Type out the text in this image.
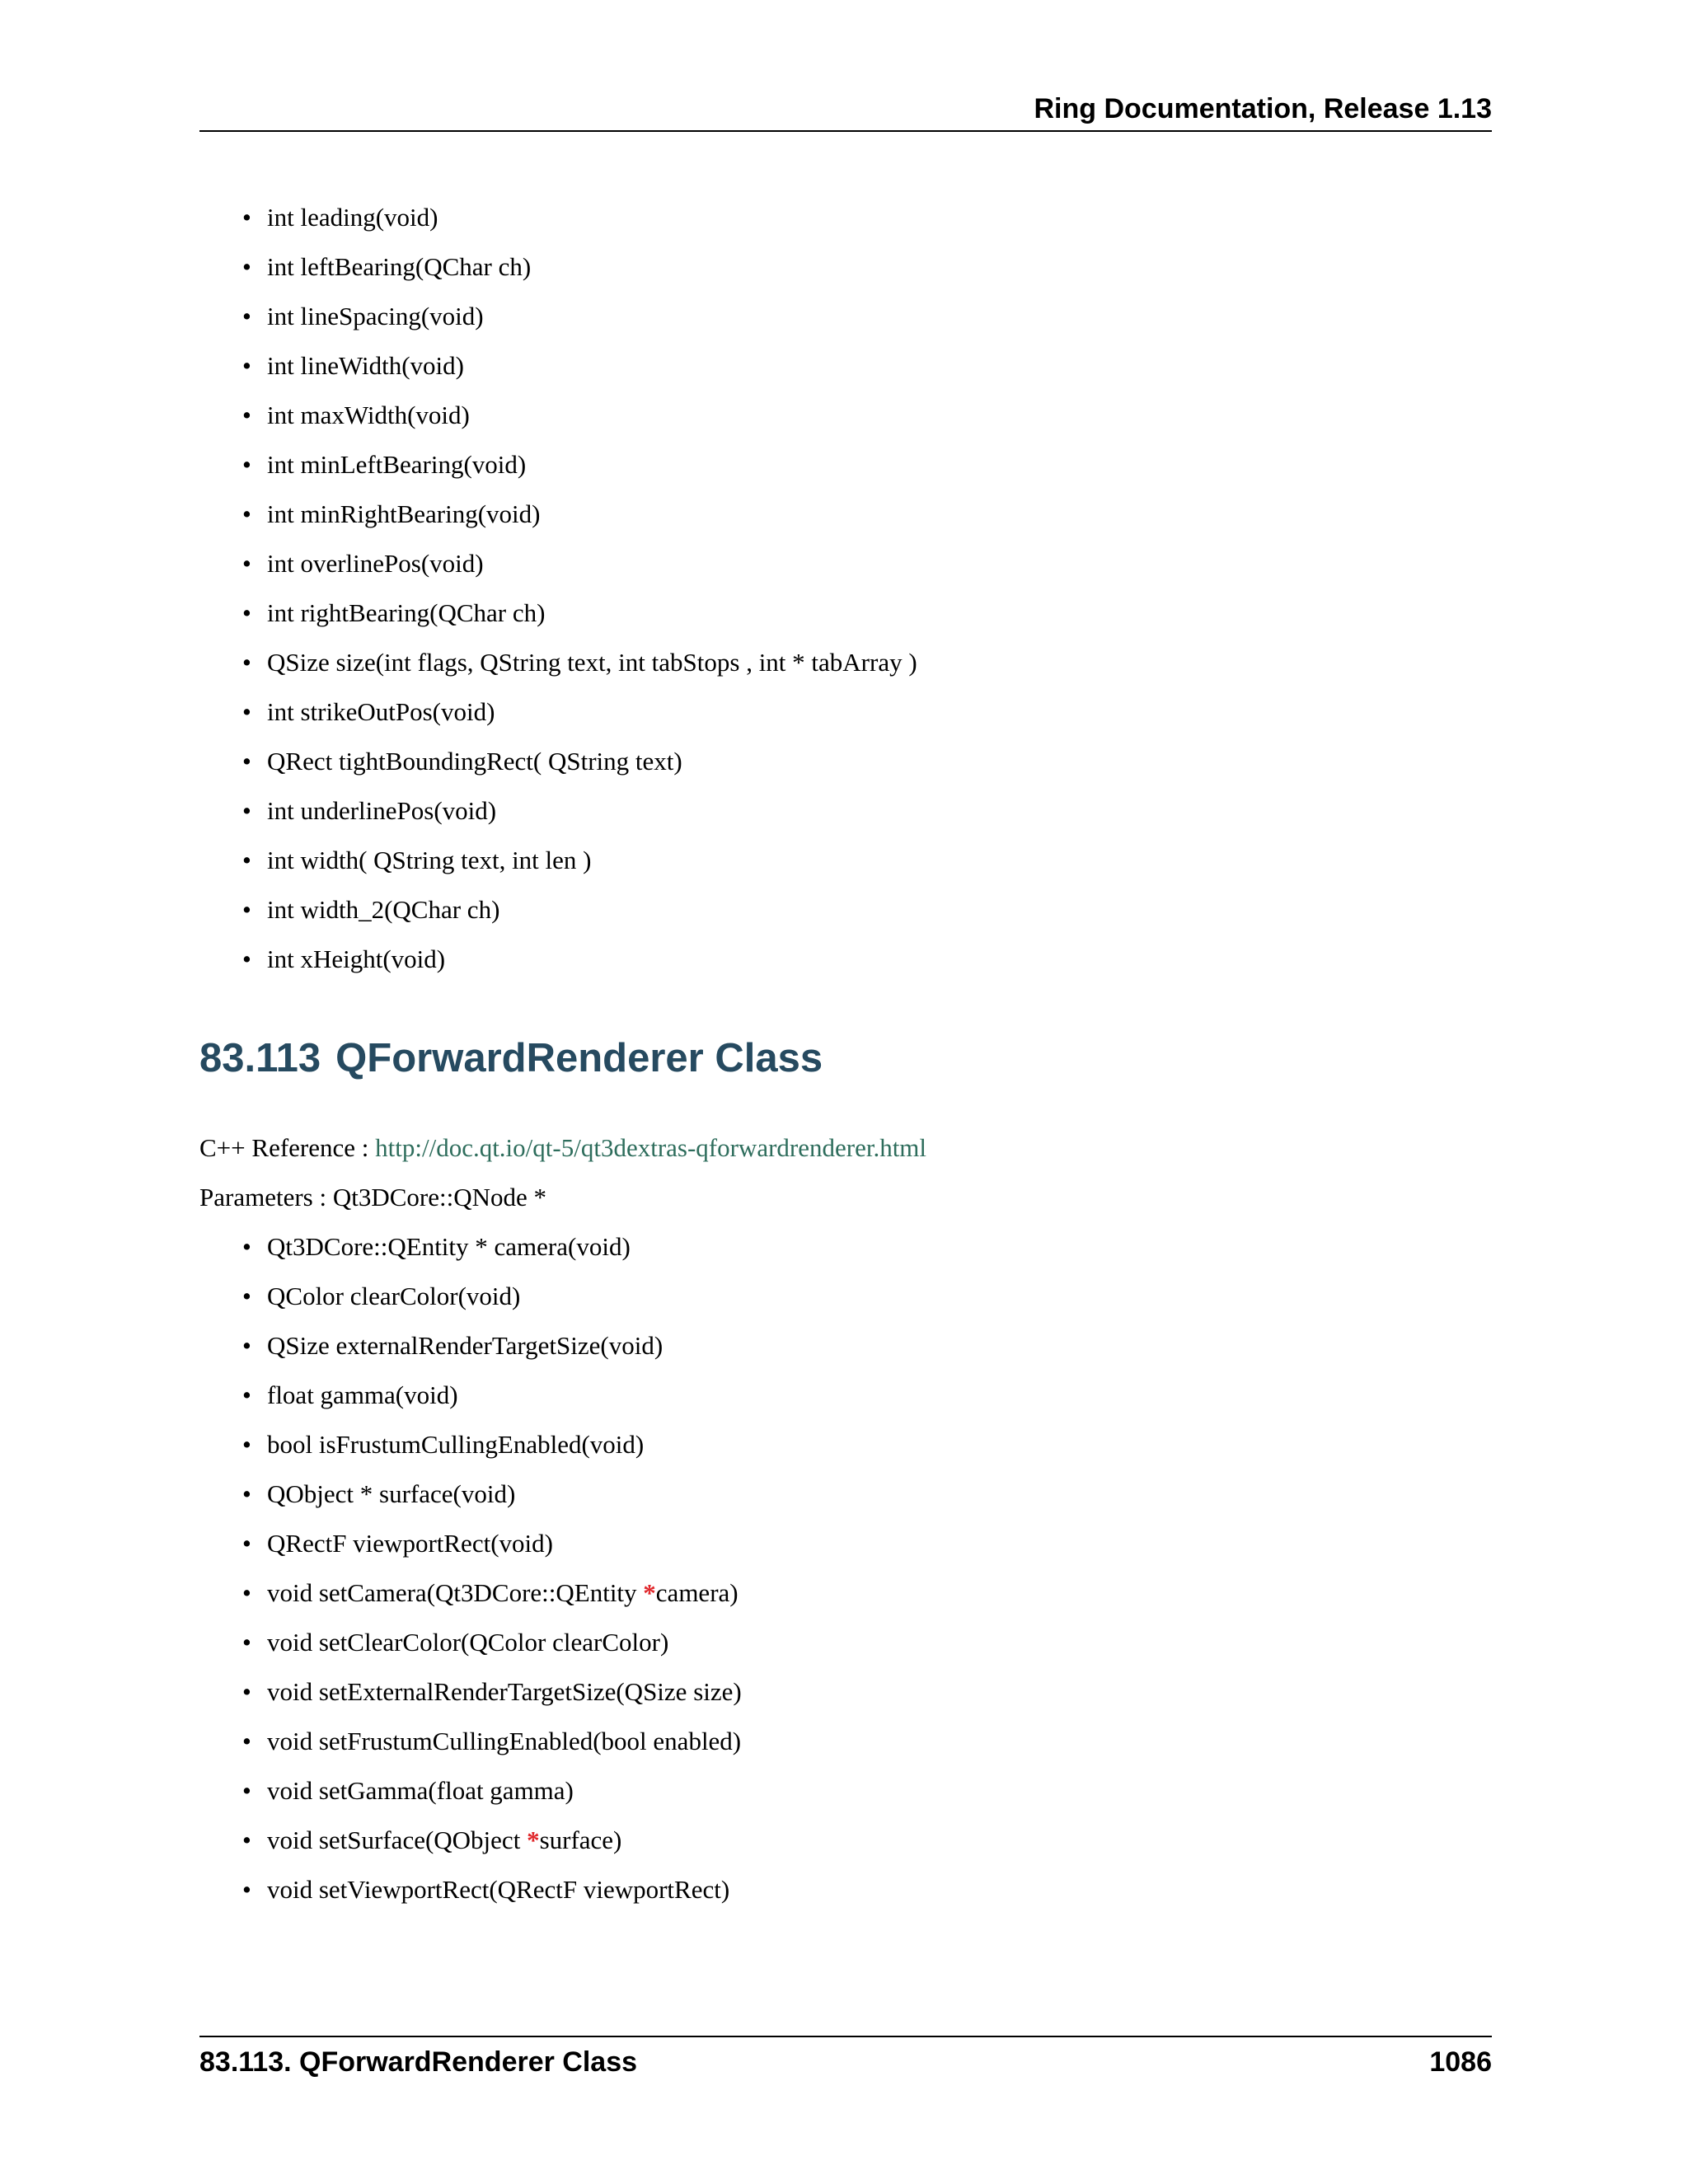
Ring Documentation, Release 1.13
• int leading(void)
• int leftBearing(QChar ch)
• int lineSpacing(void)
• int lineWidth(void)
• int maxWidth(void)
• int minLeftBearing(void)
• int minRightBearing(void)
• int overlinePos(void)
• int rightBearing(QChar ch)
• QSize size(int flags, QString text, int tabStops , int * tabArray )
• int strikeOutPos(void)
• QRect tightBoundingRect( QString text)
• int underlinePos(void)
• int width( QString text, int len )
• int width_2(QChar ch)
• int xHeight(void)
83.113 QForwardRenderer Class
C++ Reference : http://doc.qt.io/qt-5/qt3dextras-qforwardrenderer.html
Parameters : Qt3DCore::QNode *
• Qt3DCore::QEntity * camera(void)
• QColor clearColor(void)
• QSize externalRenderTargetSize(void)
• float gamma(void)
• bool isFrustumCullingEnabled(void)
• QObject * surface(void)
• QRectF viewportRect(void)
• void setCamera(Qt3DCore::QEntity *camera)
• void setClearColor(QColor clearColor)
• void setExternalRenderTargetSize(QSize size)
• void setFrustumCullingEnabled(bool enabled)
• void setGamma(float gamma)
• void setSurface(QObject *surface)
• void setViewportRect(QRectF viewportRect)
83.113. QForwardRenderer Class	1086
